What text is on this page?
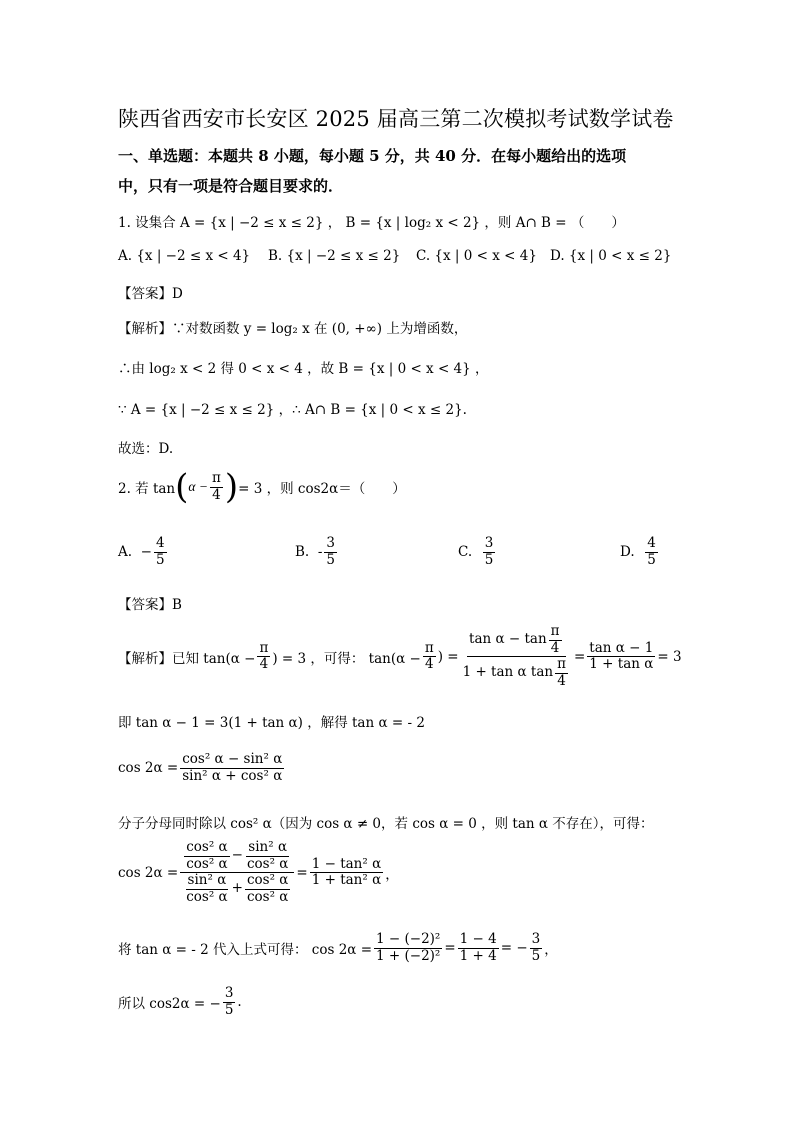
陕西省西安市长安区 2025 届高三第二次模拟考试数学试卷
一、单选题：本题共 8 小题，每小题 5 分，共 40 分．在每小题给出的选项
中，只有一项是符合题目要求的．
1. 设集合 A = {x | −2 ≤ x ≤ 2} ， B = {x | log₂ x < 2} ，则 A∩ B = （　　）
A. {x | −2 ≤ x < 4} B. {x | −2 ≤ x ≤ 2} C. {x | 0 < x < 4} D. {x | 0 < x ≤ 2}
【答案】D
【解析】∵对数函数 y = log₂ x 在 (0, +∞) 上为增函数，
∴由 log₂ x < 2 得 0 < x < 4 ，故 B = {x | 0 < x < 4} ，
∵ A = {x | −2 ≤ x ≤ 2} ，∴ A∩ B = {x | 0 < x ≤ 2}.
故选：D.
2. 若 tan ( $\alpha - \frac{\pi}{4}$ ) = 3 ，则 cos2α＝（　　）
A.
− $\frac{4}{5}$	B.
- $\frac{3}{5}$	C.
$\frac{3}{5}$	D.
$\frac{4}{5}$
【答案】B
【解析】已知 $\tan(\alpha - \frac{\pi}{4}$ ) = 3 ，可得： $\tan(\alpha - \frac{\pi}{4}$ ) = $\frac{\tan \alpha - \tan \frac{\pi}{4}}{1 + \tan \alpha \tan \frac{\pi}{4}} = \frac{\text{tan α − 1}}{\text{1 + tan α}} = 3$
即 tan α − 1 = 3(1 + tan α) ，解得 tan α = - 2
$\cos 2\alpha = \frac{\text{cos² α − sin² α}}{\text{sin² α + cos² α}}$
分子分母同时除以 cos² α（因为 cos α ≠ 0，若 cos α = 0 ，则 tan α 不存在），可得：
$\cos 2\alpha = \frac{\frac{\text{cos² α}}{\text{cos² α}} - \frac{\text{sin² α}}{\text{cos² α}}}{\frac{\text{sin² α}}{\text{cos² α}} + \frac{\text{cos² α}}{\text{cos² α}}} = \frac{\text{1 − tan² α}}{\text{1 + tan² α}}$ ，
将 tan α = - 2 代入上式可得： $\cos 2\alpha = \frac{\text{1 − (−2)²}}{\text{1 + (−2)²}} = \frac{1 - 4}{1 + 4}$ = − $\frac{3}{5}$ ，
所以 cos2α = − $\frac{3}{5}$ .
